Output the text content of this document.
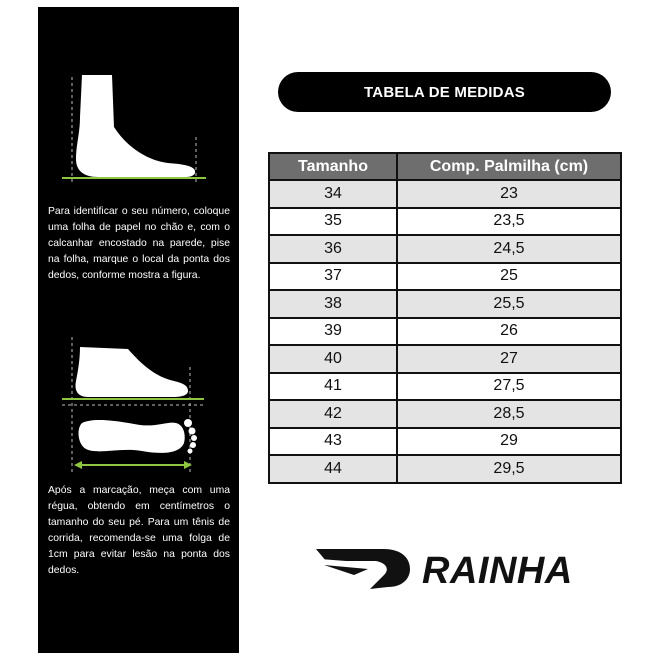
Para identificar o seu número, coloque uma folha de papel no chão e, com o calcanhar encostado na parede, pise na folha, marque o local da ponta dos dedos, conforme mostra a figura.

Após a marcação, meça com uma régua, obtendo em centímetros o tamanho do seu pé. Para um tênis de corrida, recomenda-se uma folga de 1cm para evitar lesão na ponta dos dedos.

TABELA DE MEDIDAS
Tamanho	Comp. Palmilha (cm)
34	23
35	23,5
36	24,5
37	25
38	25,5
39	26
40	27
41	27,5
42	28,5
43	29
44	29,5
RAINHA
